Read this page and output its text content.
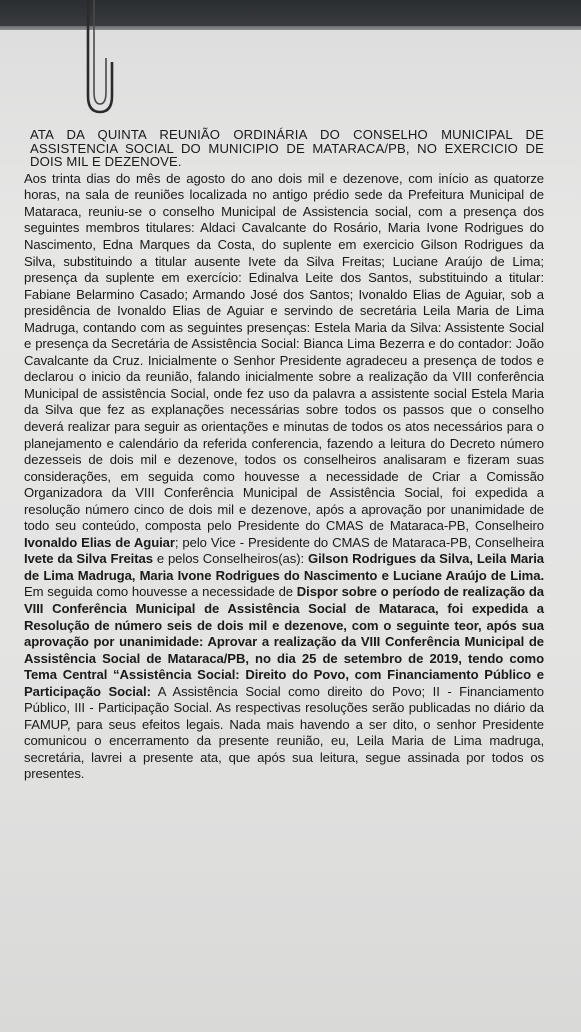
ATA DA QUINTA REUNIÃO ORDINÁRIA DO CONSELHO MUNICIPAL DE ASSISTENCIA SOCIAL DO MUNICIPIO DE MATARACA/PB, NO EXERCICIO DE DOIS MIL E DEZENOVE.

Aos trinta dias do mês de agosto do ano dois mil e dezenove, com início as quatorze horas, na sala de reuniões localizada no antigo prédio sede da Prefeitura Municipal de Mataraca, reuniu-se o conselho Municipal de Assistencia social, com a presença dos seguintes membros titulares: Aldaci Cavalcante do Rosário, Maria Ivone Rodrigues do Nascimento, Edna Marques da Costa, do suplente em exercicio Gilson Rodrigues da Silva, substituindo a titular ausente Ivete da Silva Freitas; Luciane Araújo de Lima; presença da suplente em exercício: Edinalva Leite dos Santos, substituindo a titular: Fabiane Belarmino Casado; Armando José dos Santos; Ivonaldo Elias de Aguiar, sob a presidência de Ivonaldo Elias de Aguiar e servindo de secretária Leila Maria de Lima Madruga, contando com as seguintes presenças: Estela Maria da Silva: Assistente Social e presença da Secretária de Assistência Social: Bianca Lima Bezerra e do contador: João Cavalcante da Cruz. Inicialmente o Senhor Presidente agradeceu a presença de todos e declarou o inicio da reunião, falando inicialmente sobre a realização da VIII conferência Municipal de assistência Social, onde fez uso da palavra a assistente social Estela Maria da Silva que fez as explanações necessárias sobre todos os passos que o conselho deverá realizar para seguir as orientações e minutas de todos os atos necessários para o planejamento e calendário da referida conferencia, fazendo a leitura do Decreto número dezesseis de dois mil e dezenove, todos os conselheiros analisaram e fizeram suas considerações, em seguida como houvesse a necessidade de Criar a Comissão Organizadora da VIII Conferência Municipal de Assistência Social, foi expedida a resolução número cinco de dois mil e dezenove, após a aprovação por unanimidade de todo seu conteúdo, composta pelo Presidente do CMAS de Mataraca-PB, Conselheiro Ivonaldo Elias de Aguiar; pelo Vice - Presidente do CMAS de Mataraca-PB, Conselheira Ivete da Silva Freitas e pelos Conselheiros(as): Gilson Rodrigues da Silva, Leila Maria de Lima Madruga, Maria Ivone Rodrigues do Nascimento e Luciane Araújo de Lima. Em seguida como houvesse a necessidade de Dispor sobre o período de realização da VIII Conferência Municipal de Assistência Social de Mataraca, foi expedida a Resolução de número seis de dois mil e dezenove, com o seguinte teor, após sua aprovação por unanimidade: Aprovar a realização da VIII Conferência Municipal de Assistência Social de Mataraca/PB, no dia 25 de setembro de 2019, tendo como Tema Central “Assistência Social: Direito do Povo, com Financiamento Público e Participação Social: A Assistência Social como direito do Povo; II - Financiamento Público, III - Participação Social. As respectivas resoluções serão publicadas no diário da FAMUP, para seus efeitos legais. Nada mais havendo a ser dito, o senhor Presidente comunicou o encerramento da presente reunião, eu, Leila Maria de Lima madruga, secretária, lavrei a presente ata, que após sua leitura, segue assinada por todos os presentes.
